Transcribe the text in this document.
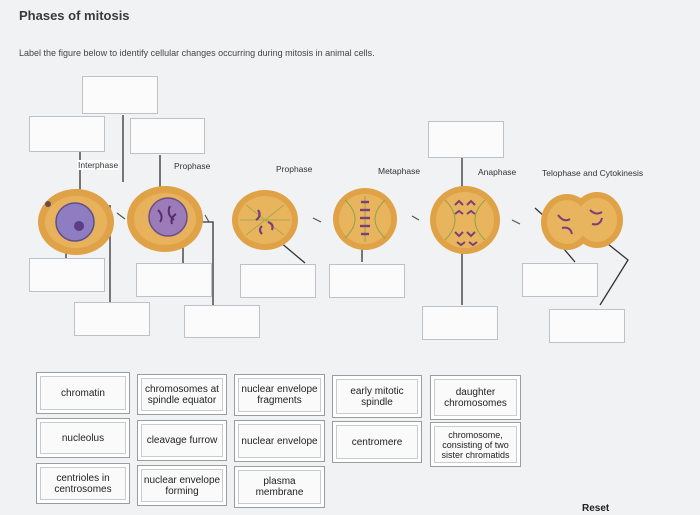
Phases of mitosis
Label the figure below to identify cellular changes occurring during mitosis in animal cells.
Interphase	Prophase	Prophase	Metaphase	Anaphase	Telophase and Cytokinesis
chromatin	chromosomes at
spindle equator
nuclear envelope
fragments
early mitotic
spindle
daughter
chromosomes
nucleolus	cleavage furrow	nuclear envelope	centromere
chromosome,
consisting of two
sister chromatids
centrioles in
centrosomes
nuclear envelope
forming
plasma
membrane
Reset
